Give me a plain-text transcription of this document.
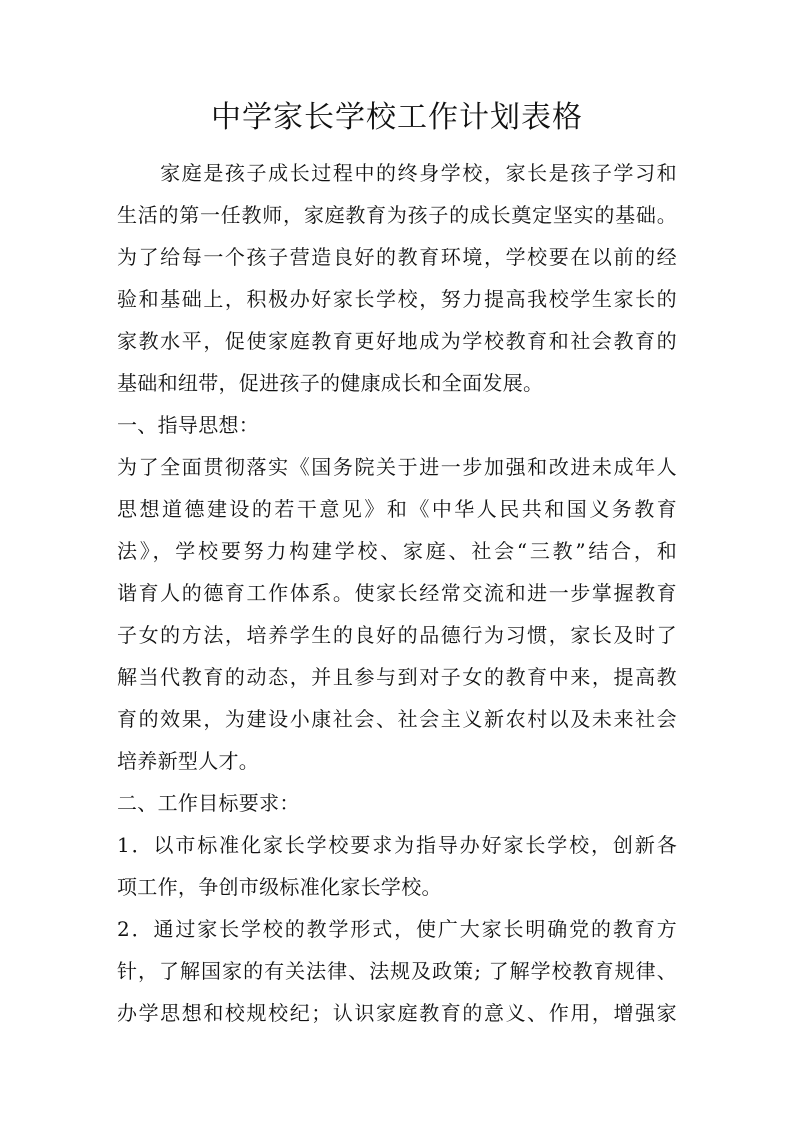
中学家长学校工作计划表格
　　家庭是孩子成长过程中的终身学校，家长是孩子学习和
生活的第一任教师，家庭教育为孩子的成长奠定坚实的基础。
为了给每一个孩子营造良好的教育环境，学校要在以前的经
验和基础上，积极办好家长学校，努力提高我校学生家长的
家教水平，促使家庭教育更好地成为学校教育和社会教育的
基础和纽带，促进孩子的健康成长和全面发展。
一、指导思想：
为了全面贯彻落实《国务院关于进一步加强和改进未成年人
思想道德建设的若干意见》和《中华人民共和国义务教育
法》，学校要努力构建学校、家庭、社会“三教”结合，和
谐育人的德育工作体系。使家长经常交流和进一步掌握教育
子女的方法，培养学生的良好的品德行为习惯，家长及时了
解当代教育的动态，并且参与到对子女的教育中来，提高教
育的效果，为建设小康社会、社会主义新农村以及未来社会
培养新型人才。
二、工作目标要求：
1．以市标准化家长学校要求为指导办好家长学校，创新各
项工作，争创市级标准化家长学校。
2．通过家长学校的教学形式，使广大家长明确党的教育方
针，了解国家的有关法律、法规及政策; 了解学校教育规律、
办学思想和校规校纪；认识家庭教育的意义、作用，增强家
